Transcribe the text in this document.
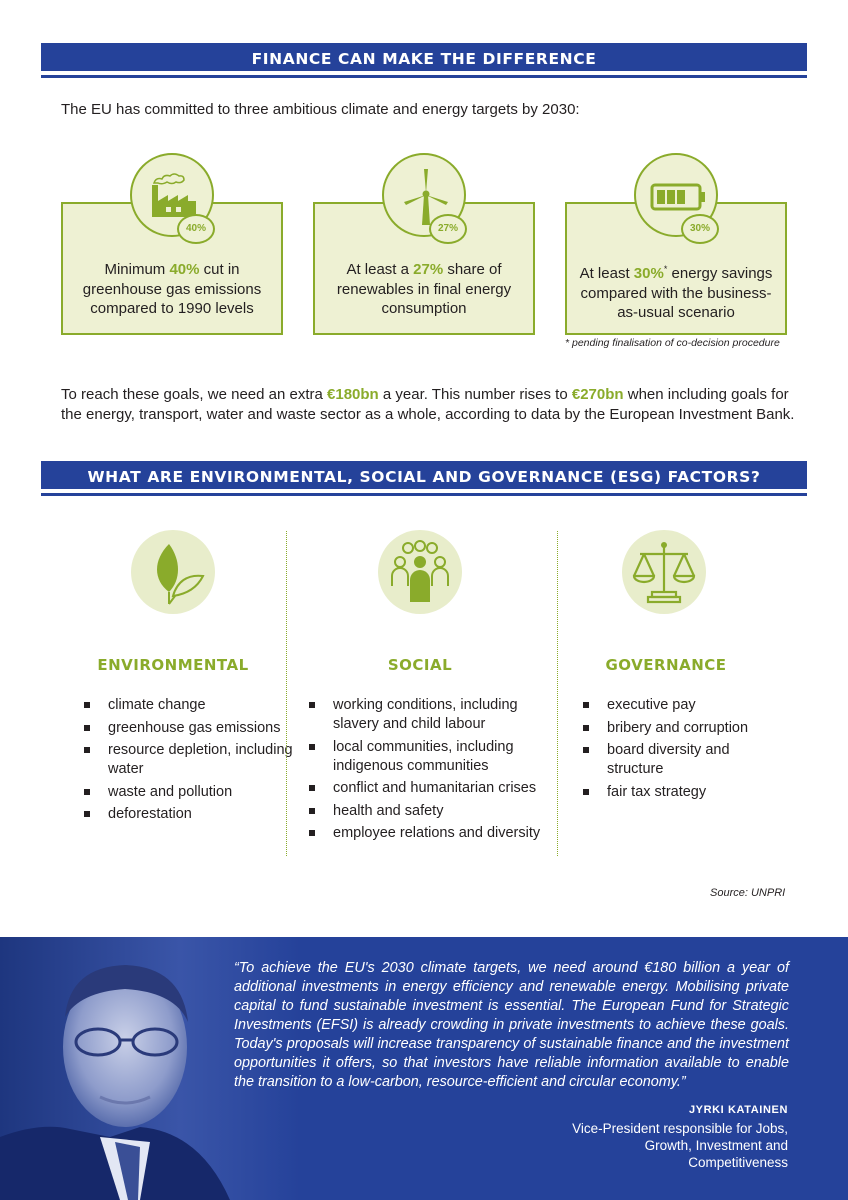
FINANCE CAN MAKE THE DIFFERENCE

The EU has committed to three ambitious climate and energy targets by 2030:

Minimum 40% cut in greenhouse gas emissions compared to 1990 levels

40%

At least a 27% share of renewables in final energy consumption

27%

At least 30%* energy savings compared with the business-as-usual scenario

30%

* pending finalisation of co-decision procedure

To reach these goals, we need an extra €180bn a year. This number rises to €270bn when including goals for the energy, transport, water and waste sector as a whole, according to data by the European Investment Bank.

WHAT ARE ENVIRONMENTAL, SOCIAL AND GOVERNANCE (ESG) FACTORS?
ENVIRONMENTAL
climate change
greenhouse gas emissions
resource depletion, including water
waste and pollution
deforestation
SOCIAL
working conditions, including slavery and child labour
local communities, including indigenous communities
conflict and humanitarian crises
health and safety
employee relations and diversity
GOVERNANCE
executive pay
bribery and corruption
board diversity and structure
fair tax strategy

Source: UNPRI

“To achieve the EU's 2030 climate targets, we need around €180 billion a year of additional investments in energy efficiency and renewable energy. Mobilising private capital to fund sustainable investment is essential. The European Fund for Strategic Investments (EFSI) is already crowding in private investments to achieve these goals. Today's proposals will increase transparency of sustainable finance and the investment opportunities it offers, so that investors have reliable information available to enable the transition to a low-carbon, resource-efficient and circular economy.”

JYRKI KATAINEN
Vice-President responsible for Jobs, Growth, Investment and Competitiveness
